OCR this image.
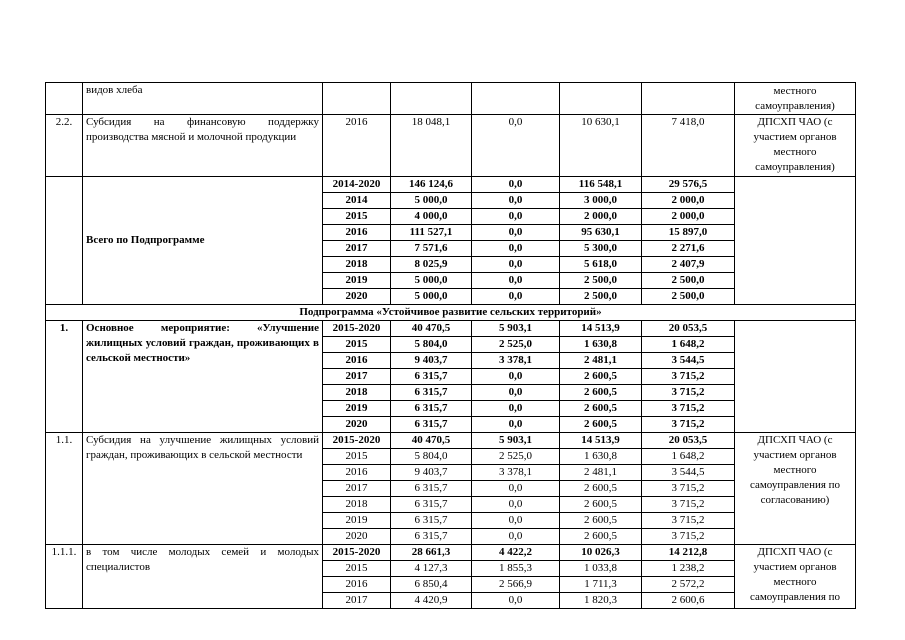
	видов хлеба						местного самоуправления)
2.2.	Субсидия на финансовую поддержку производства мясной и молочной продукции	2016	18 048,1	0,0	10 630,1	7 418,0	ДПСХП ЧАО (с участием органов местного самоуправления)
	Всего по Подпрограмме	2014-2020	146 124,6	0,0	116 548,1	29 576,5	
		2014	5 000,0	0,0	3 000,0	2 000,0	
		2015	4 000,0	0,0	2 000,0	2 000,0	
		2016	111 527,1	0,0	95 630,1	15 897,0	
		2017	7 571,6	0,0	5 300,0	2 271,6	
		2018	8 025,9	0,0	5 618,0	2 407,9	
		2019	5 000,0	0,0	2 500,0	2 500,0	
		2020	5 000,0	0,0	2 500,0	2 500,0	
Подпрограмма «Устойчивое развитие сельских территорий»							
1.	Основное мероприятие: «Улучшение жилищных условий граждан, проживающих в сельской местности»	2015-2020	40 470,5	5 903,1	14 513,9	20 053,5	
		2015	5 804,0	2 525,0	1 630,8	1 648,2	
		2016	9 403,7	3 378,1	2 481,1	3 544,5	
		2017	6 315,7	0,0	2 600,5	3 715,2	
		2018	6 315,7	0,0	2 600,5	3 715,2	
		2019	6 315,7	0,0	2 600,5	3 715,2	
		2020	6 315,7	0,0	2 600,5	3 715,2	
1.1.	Субсидия на улучшение жилищных условий граждан, проживающих в сельской местности	2015-2020	40 470,5	5 903,1	14 513,9	20 053,5	ДПСХП ЧАО (с участием органов местного самоуправления по согласованию)
		2015	5 804,0	2 525,0	1 630,8	1 648,2	
		2016	9 403,7	3 378,1	2 481,1	3 544,5	
		2017	6 315,7	0,0	2 600,5	3 715,2	
		2018	6 315,7	0,0	2 600,5	3 715,2	
		2019	6 315,7	0,0	2 600,5	3 715,2	
		2020	6 315,7	0,0	2 600,5	3 715,2	
1.1.1.	в том числе молодых семей и молодых специалистов	2015-2020	28 661,3	4 422,2	10 026,3	14 212,8	ДПСХП ЧАО (с участием органов местного самоуправления по
		2015	4 127,3	1 855,3	1 033,8	1 238,2	
		2016	6 850,4	2 566,9	1 711,3	2 572,2	
		2017	4 420,9	0,0	1 820,3	2 600,6	
